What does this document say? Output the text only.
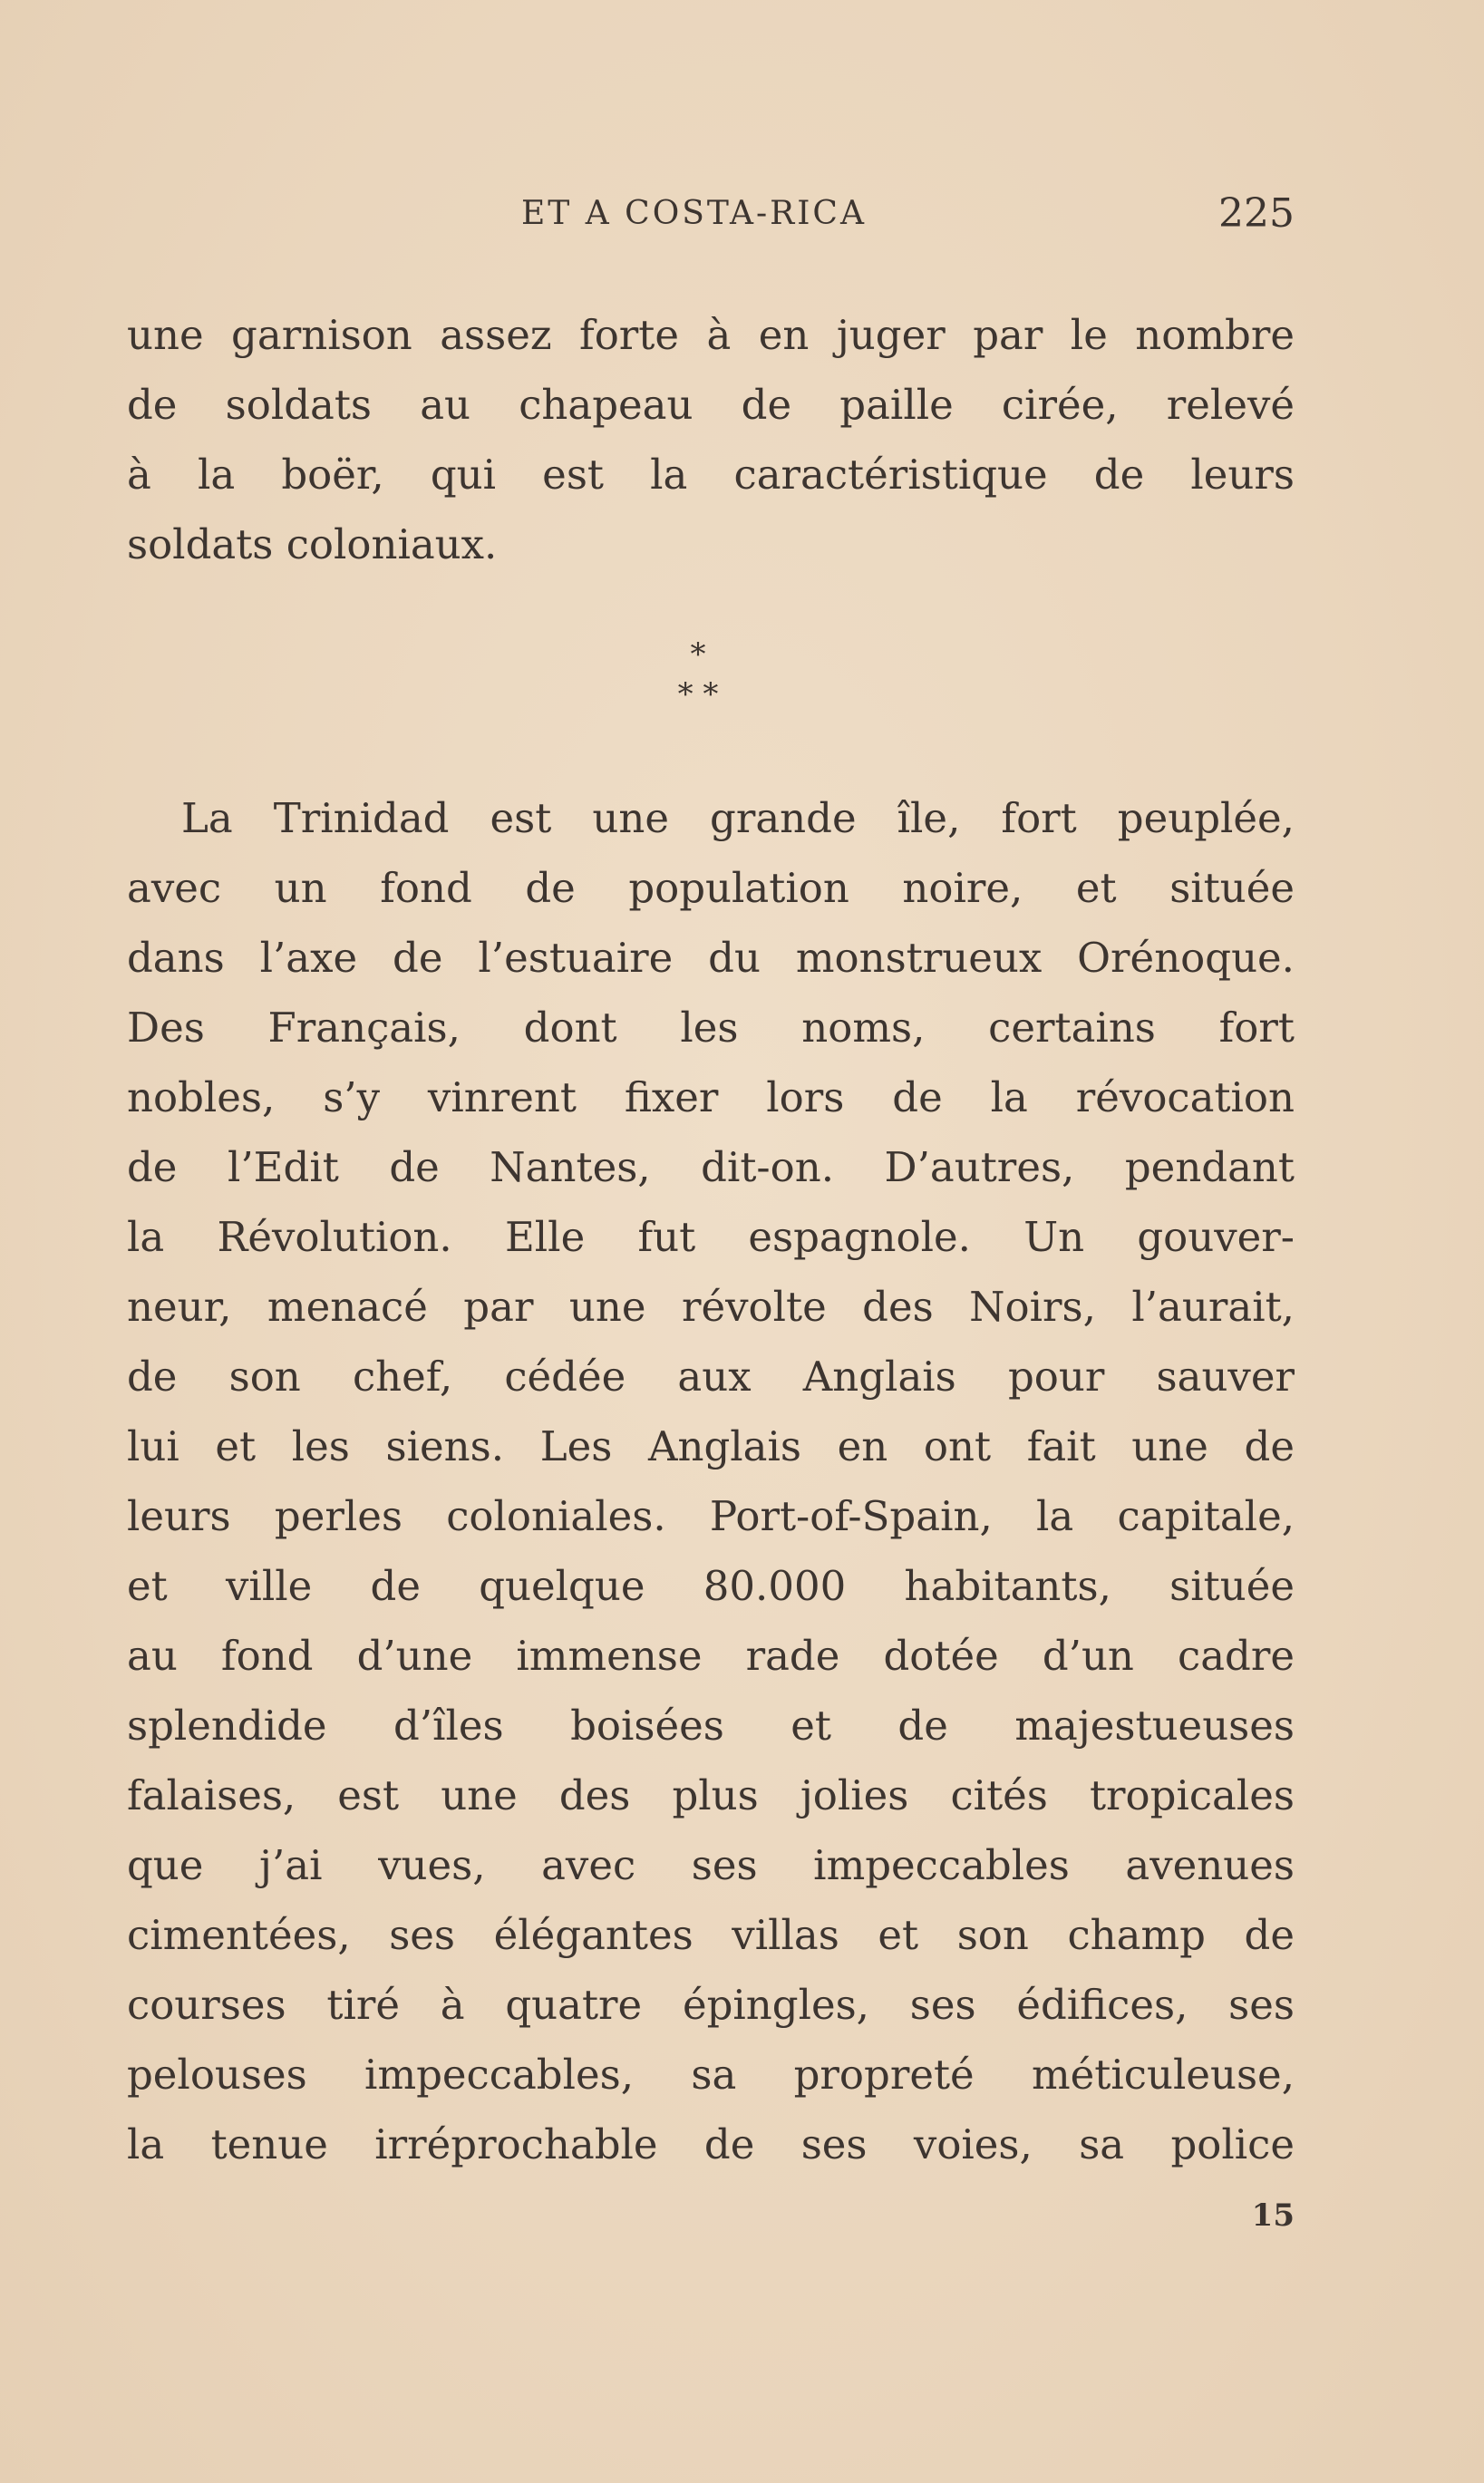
ET A COSTA-RICA	225
une garnison assez forte à en juger par le nombre
de soldats au chapeau de paille cirée, relevé
à la boër, qui est la caractéristique de leurs
soldats coloniaux.
*
* *
La Trinidad est une grande île, fort peuplée,
avec un fond de population noire, et située
dans l’axe de l’estuaire du monstrueux Orénoque.
Des Français, dont les noms, certains fort
nobles, s’y vinrent fixer lors de la révocation
de l’Edit de Nantes, dit-on. D’autres, pendant
la Révolution. Elle fut espagnole. Un gouver-
neur, menacé par une révolte des Noirs, l’aurait,
de son chef, cédée aux Anglais pour sauver
lui et les siens. Les Anglais en ont fait une de
leurs perles coloniales. Port-of-Spain, la capitale,
et ville de quelque 80.000 habitants, située
au fond d’une immense rade dotée d’un cadre
splendide d’îles boisées et de majestueuses
falaises, est une des plus jolies cités tropicales
que j’ai vues, avec ses impeccables avenues
cimentées, ses élégantes villas et son champ de
courses tiré à quatre épingles, ses édifices, ses
pelouses impeccables, sa propreté méticuleuse,
la tenue irréprochable de ses voies, sa police
15
